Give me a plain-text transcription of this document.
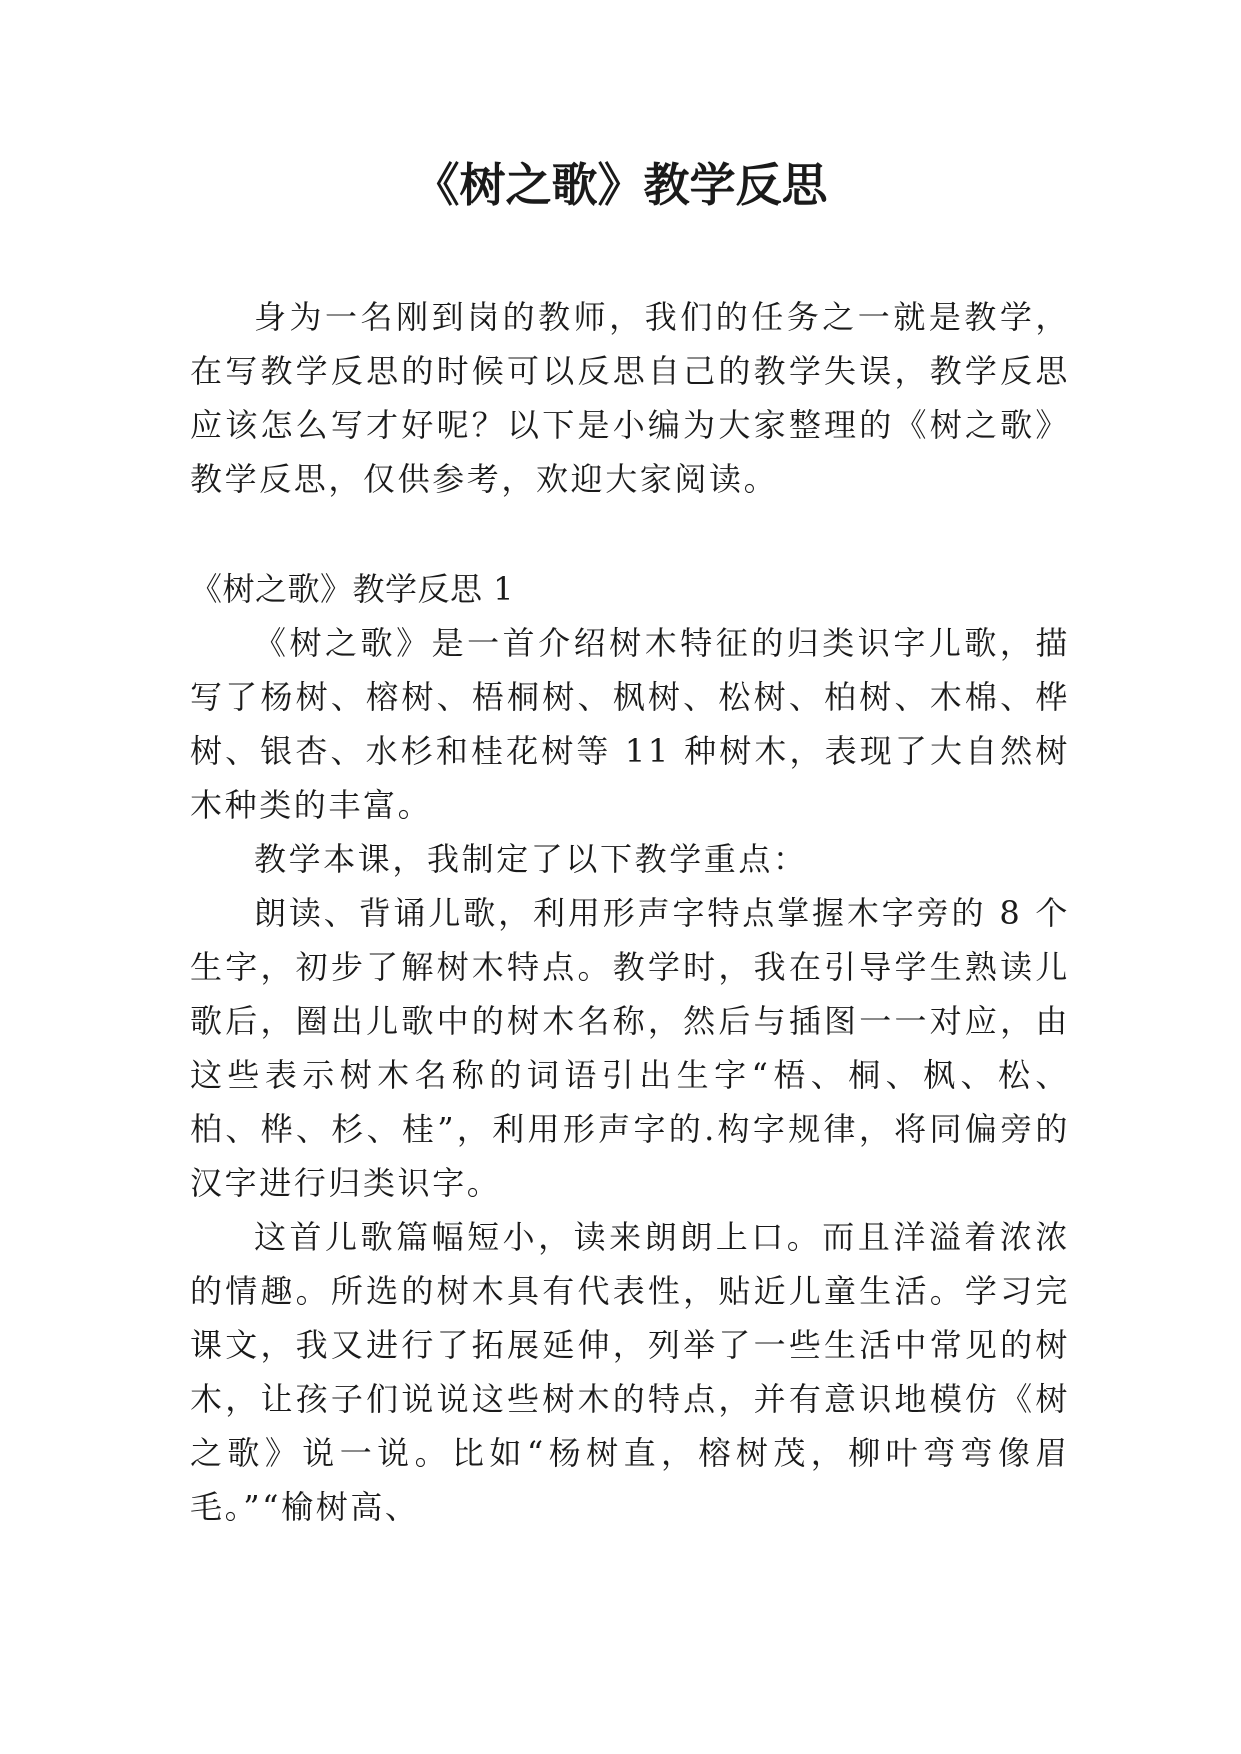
《树之歌》教学反思

身为一名刚到岗的教师，我们的任务之一就是教学，在写教学反思的时候可以反思自己的教学失误，教学反思应该怎么写才好呢？以下是小编为大家整理的《树之歌》教学反思，仅供参考，欢迎大家阅读。

《树之歌》教学反思 1

《树之歌》是一首介绍树木特征的归类识字儿歌，描写了杨树、榕树、梧桐树、枫树、松树、柏树、木棉、桦树、银杏、水杉和桂花树等 11 种树木，表现了大自然树木种类的丰富。

教学本课，我制定了以下教学重点：

朗读、背诵儿歌，利用形声字特点掌握木字旁的 8 个生字，初步了解树木特点。教学时，我在引导学生熟读儿歌后，圈出儿歌中的树木名称，然后与插图一一对应，由这些表示树木名称的词语引出生字“梧、桐、枫、松、柏、桦、杉、桂”，利用形声字的.构字规律，将同偏旁的汉字进行归类识字。

这首儿歌篇幅短小，读来朗朗上口。而且洋溢着浓浓的情趣。所选的树木具有代表性，贴近儿童生活。学习完课文，我又进行了拓展延伸，列举了一些生活中常见的树木，让孩子们说说这些树木的特点，并有意识地模仿《树之歌》说一说。比如“杨树直，榕树茂，柳叶弯弯像眉毛。”“榆树高、
